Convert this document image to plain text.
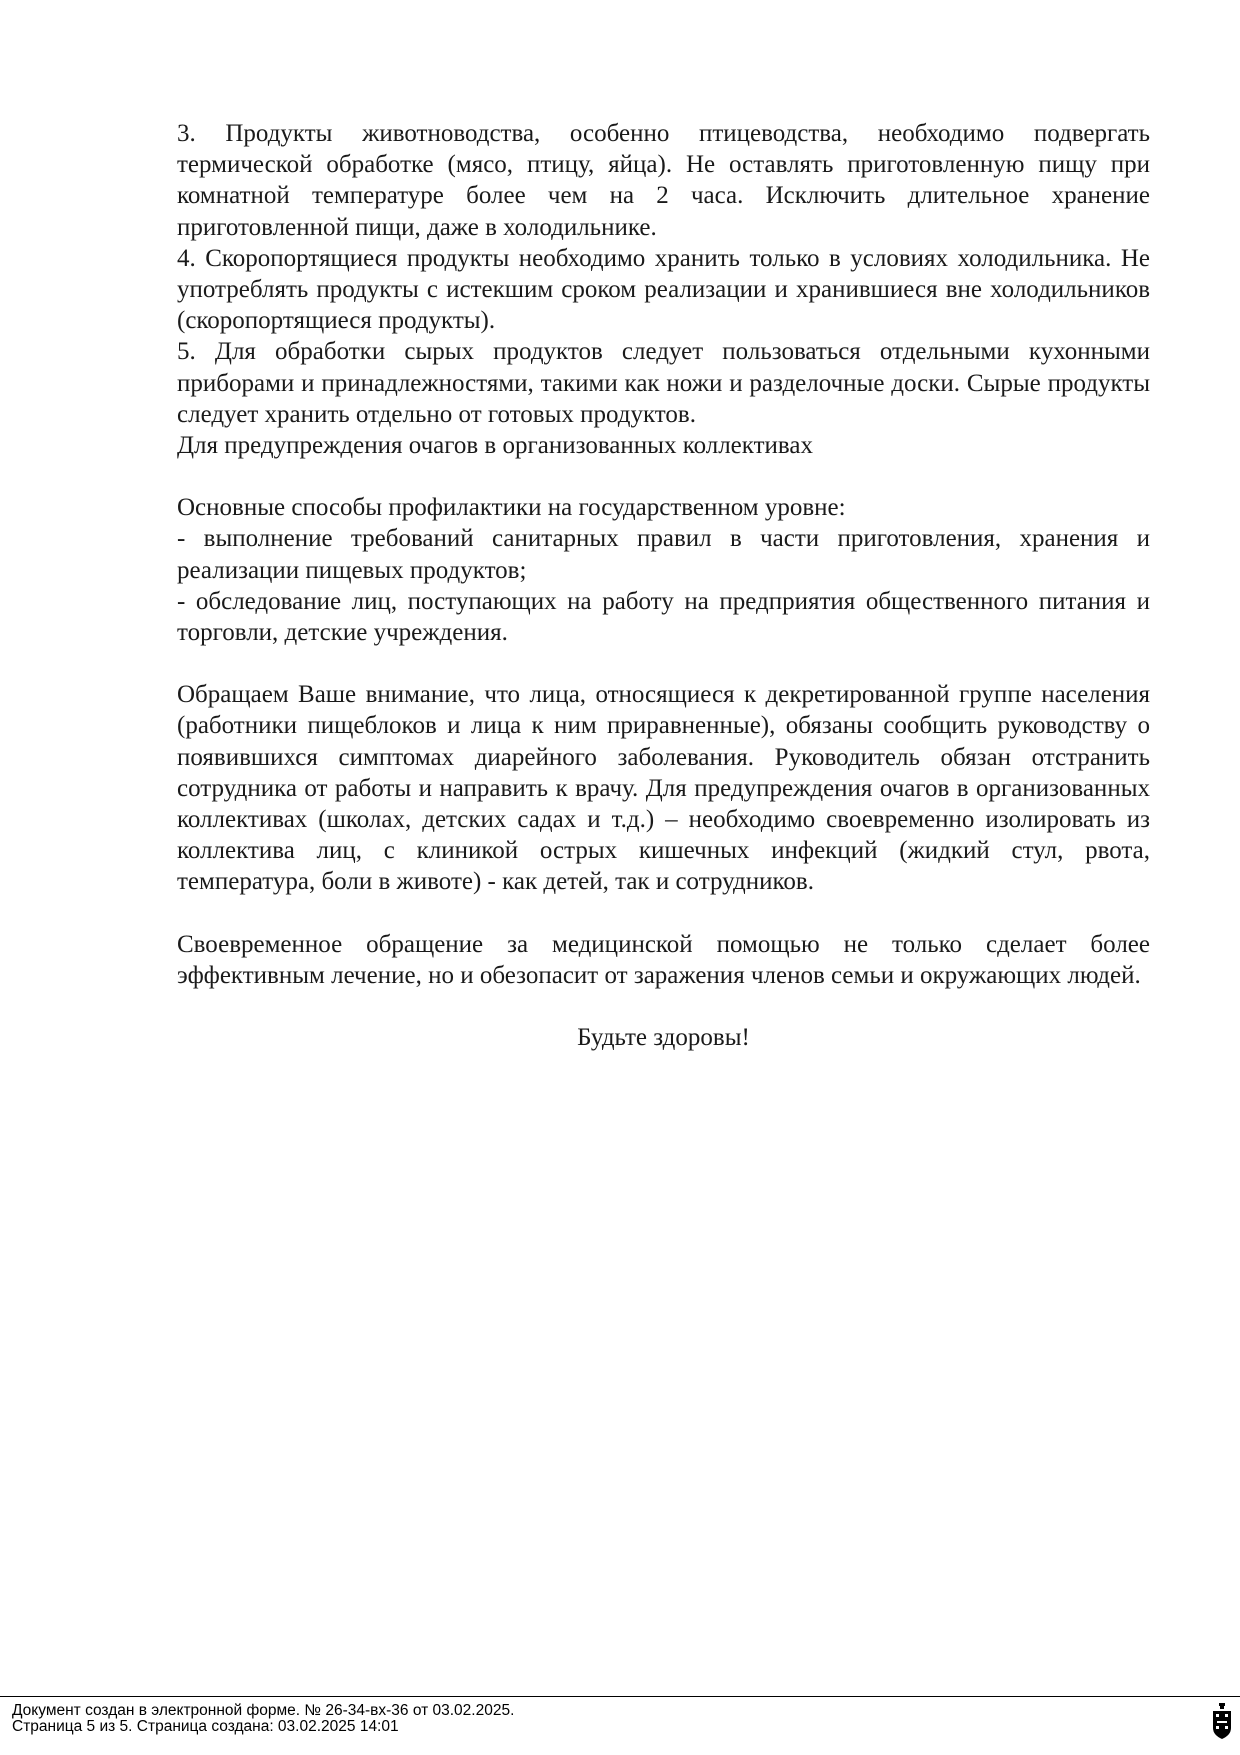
3. Продукты животноводства, особенно птицеводства, необходимо подвергать термической обработке (мясо, птицу, яйца). Не оставлять приготовленную пищу при комнатной температуре более чем на 2 часа. Исключить длительное хранение приготовленной пищи, даже в холодильнике.

4. Скоропортящиеся продукты необходимо хранить только в условиях холодильника. Не употреблять продукты с истекшим сроком реализации и хранившиеся вне холодильников (скоропортящиеся продукты).

5. Для обработки сырых продуктов следует пользоваться отдельными кухонными приборами и принадлежностями, такими как ножи и разделочные доски. Сырые продукты следует хранить отдельно от готовых продуктов.

Для предупреждения очагов в организованных коллективах

Основные способы профилактики на государственном уровне:

- выполнение требований санитарных правил в части приготовления, хранения и реализации пищевых продуктов;

- обследование лиц, поступающих на работу на предприятия общественного питания и торговли, детские учреждения.

Обращаем Ваше внимание, что лица, относящиеся к декретированной группе населения (работники пищеблоков и лица к ним приравненные), обязаны сообщить руководству о появившихся симптомах диарейного заболевания. Руководитель обязан отстранить сотрудника от работы и направить к врачу. Для предупреждения очагов в организованных коллективах (школах, детских садах и т.д.) – необходимо своевременно изолировать из коллектива лиц, с клиникой острых кишечных инфекций (жидкий стул, рвота, температура, боли в животе) - как детей, так и сотрудников.

Своевременное обращение за медицинской помощью не только сделает более эффективным лечение, но и обезопасит от заражения членов семьи и окружающих людей.

Будьте здоровы!

Документ создан в электронной форме. № 26-34-вх-36 от 03.02.2025.
Страница 5 из 5. Страница создана: 03.02.2025 14:01
